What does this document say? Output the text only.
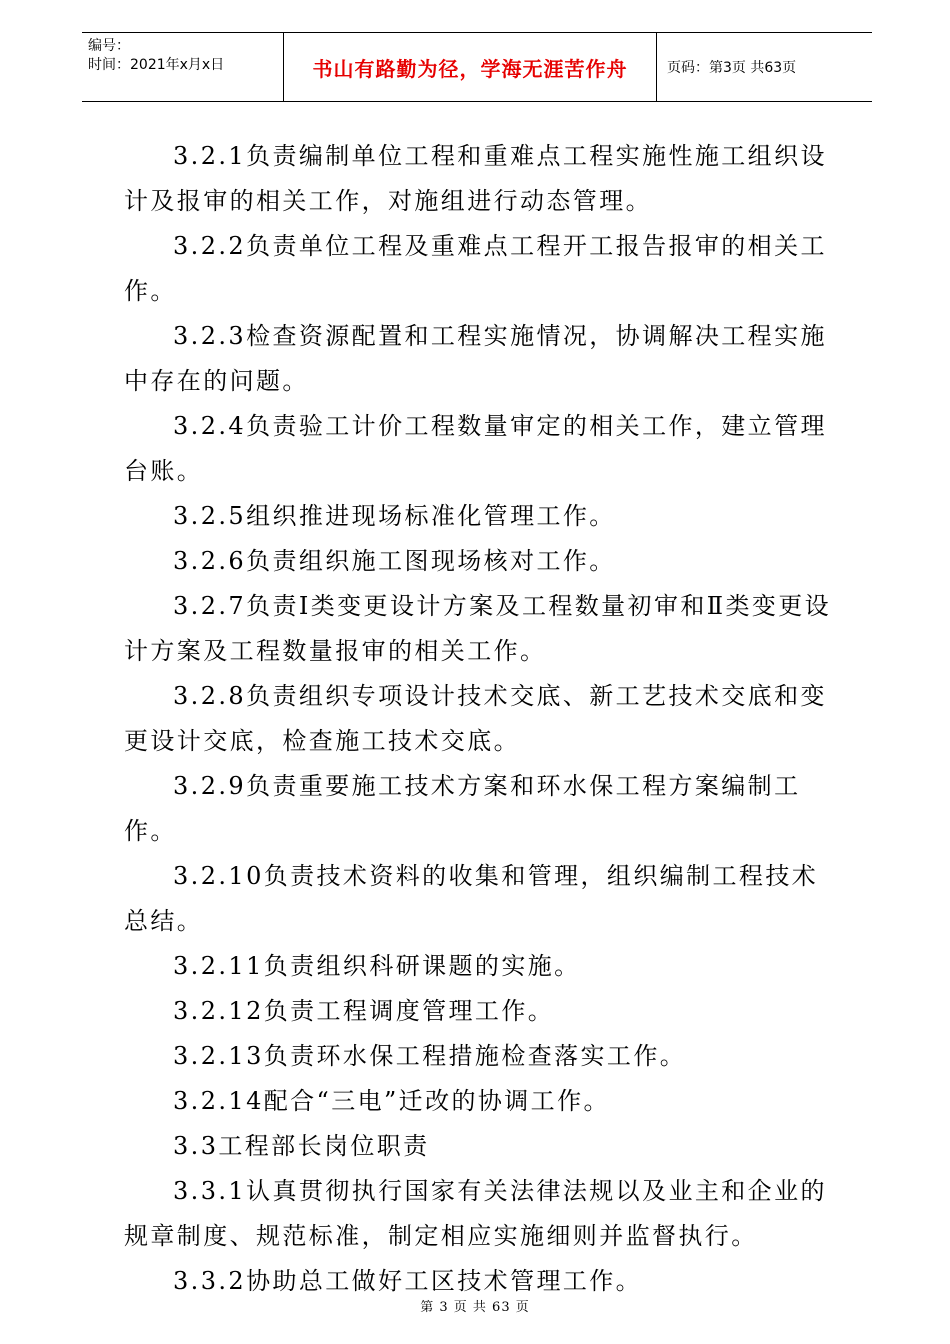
编号：
时间：2021年x月x日	书山有路勤为径，学海无涯苦作舟	页码：第3页 共63页

3.2.1负责编制单位工程和重难点工程实施性施工组织设计及报审的相关工作，对施组进行动态管理。

3.2.2负责单位工程及重难点工程开工报告报审的相关工作。

3.2.3检查资源配置和工程实施情况，协调解决工程实施中存在的问题。

3.2.4负责验工计价工程数量审定的相关工作，建立管理台账。

3.2.5组织推进现场标准化管理工作。

3.2.6负责组织施工图现场核对工作。

3.2.7负责Ⅰ类变更设计方案及工程数量初审和Ⅱ类变更设计方案及工程数量报审的相关工作。

3.2.8负责组织专项设计技术交底、新工艺技术交底和变更设计交底，检查施工技术交底。

3.2.9负责重要施工技术方案和环水保工程方案编制工作。

3.2.10负责技术资料的收集和管理，组织编制工程技术总结。

3.2.11负责组织科研课题的实施。

3.2.12负责工程调度管理工作。

3.2.13负责环水保工程措施检查落实工作。

3.2.14配合“三电”迁改的协调工作。

3.3工程部长岗位职责

3.3.1认真贯彻执行国家有关法律法规以及业主和企业的规章制度、规范标准，制定相应实施细则并监督执行。

3.3.2协助总工做好工区技术管理工作。

第 3 页 共 63 页
